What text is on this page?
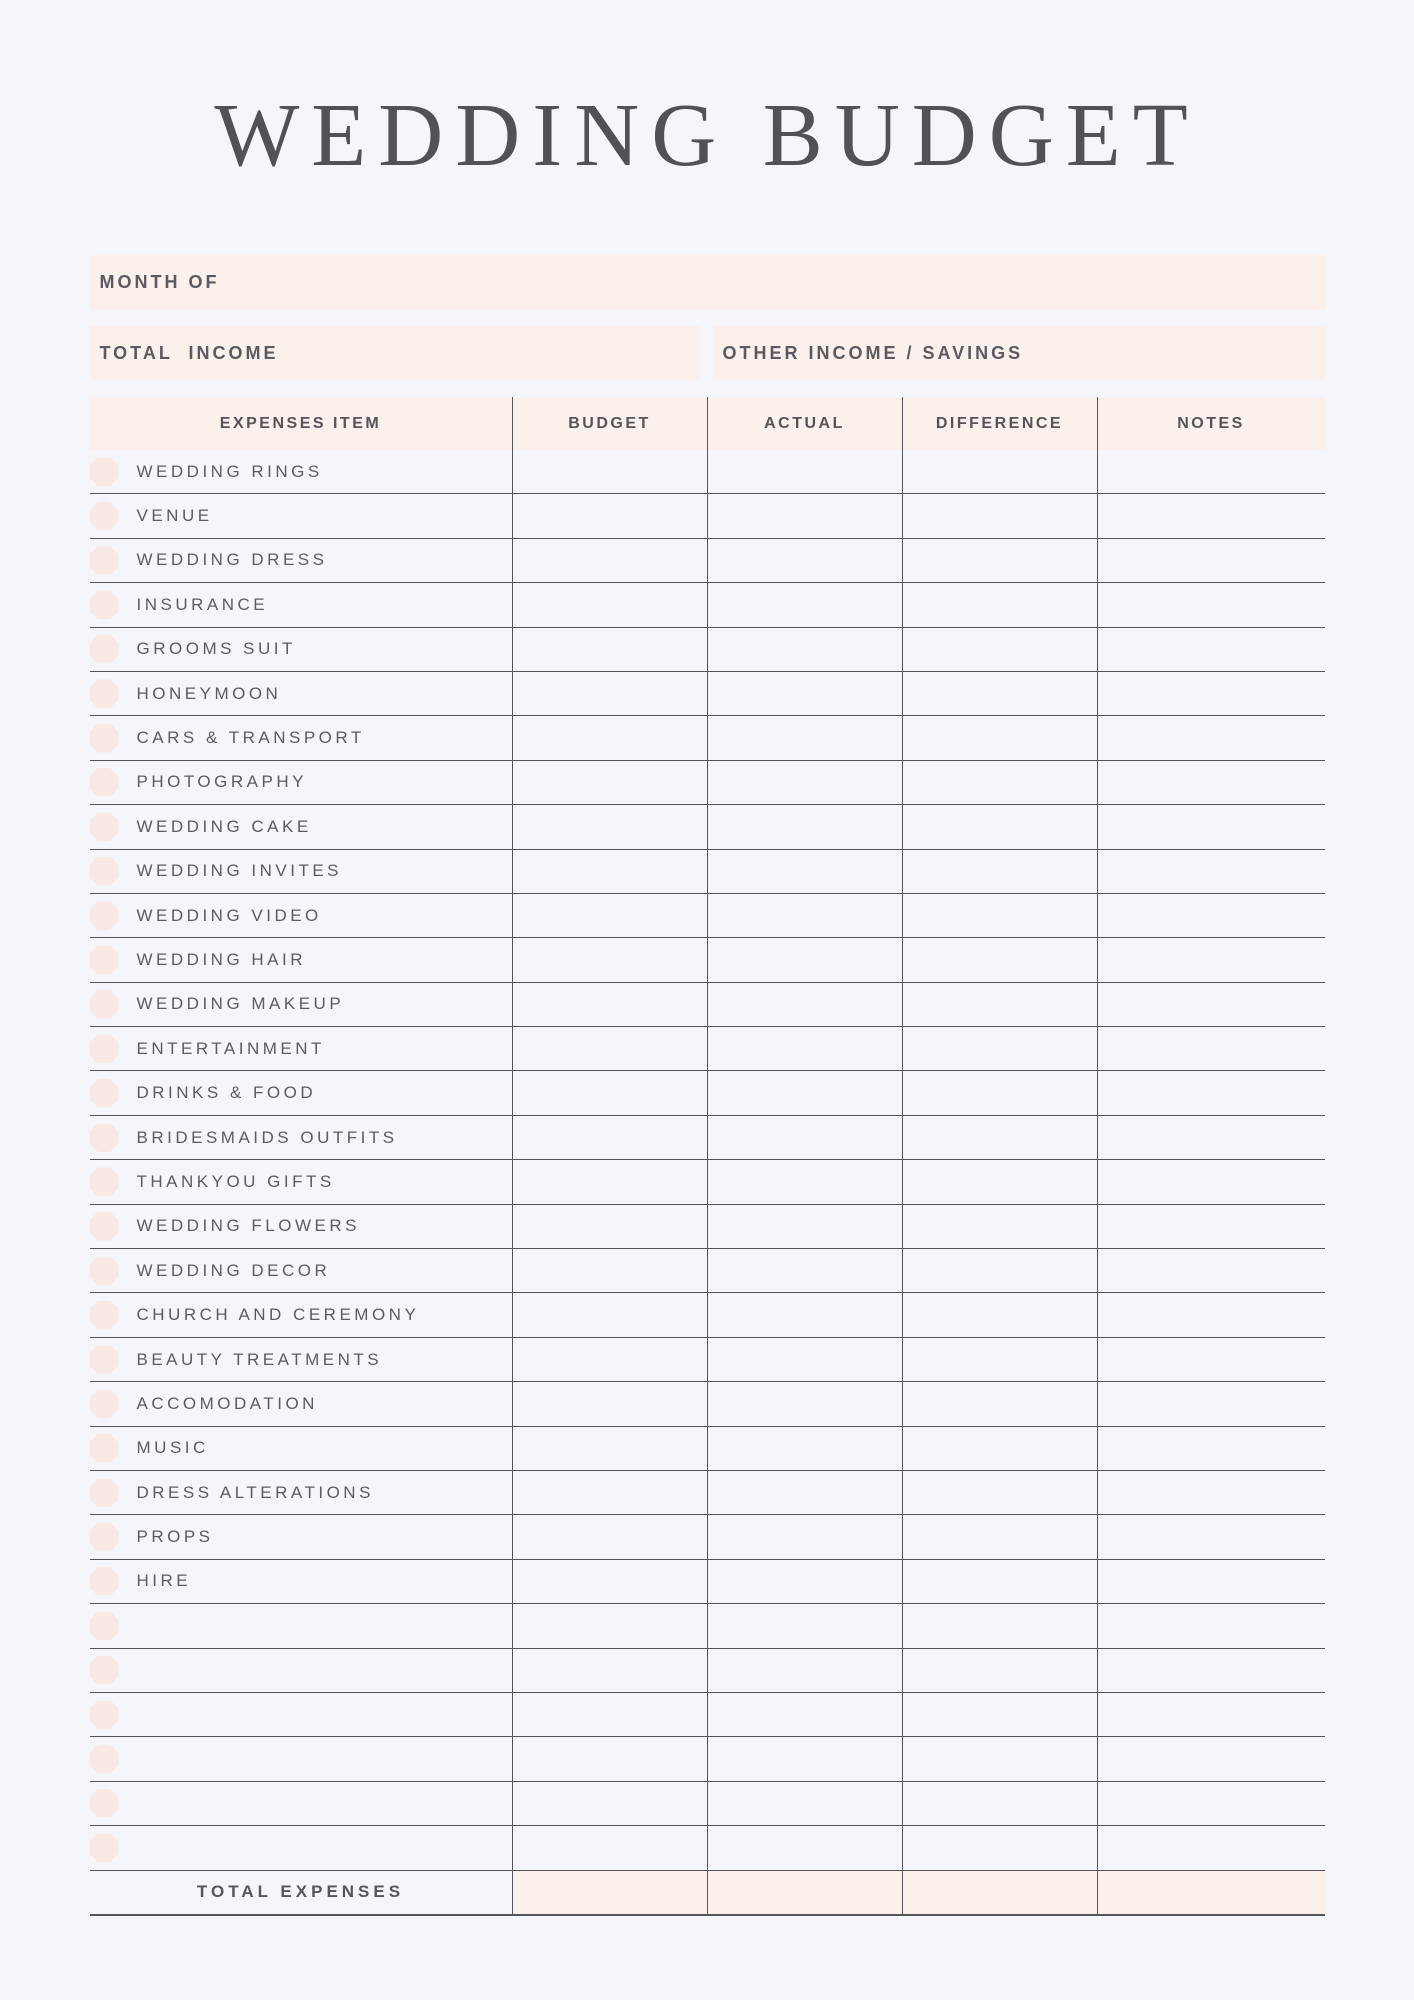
WEDDING BUDGET
MONTH OF
TOTAL  INCOME	OTHER INCOME / SAVINGS
EXPENSES ITEM	BUDGET	ACTUAL	DIFFERENCE	NOTES
WEDDING RINGS
VENUE
WEDDING DRESS
INSURANCE
GROOMS SUIT
HONEYMOON
CARS & TRANSPORT
PHOTOGRAPHY
WEDDING CAKE
WEDDING INVITES
WEDDING VIDEO
WEDDING HAIR
WEDDING MAKEUP
ENTERTAINMENT
DRINKS & FOOD
BRIDESMAIDS OUTFITS
THANKYOU GIFTS
WEDDING FLOWERS
WEDDING DECOR
CHURCH AND CEREMONY
BEAUTY TREATMENTS
ACCOMODATION
MUSIC
DRESS ALTERATIONS
PROPS
HIRE
TOTAL EXPENSES
